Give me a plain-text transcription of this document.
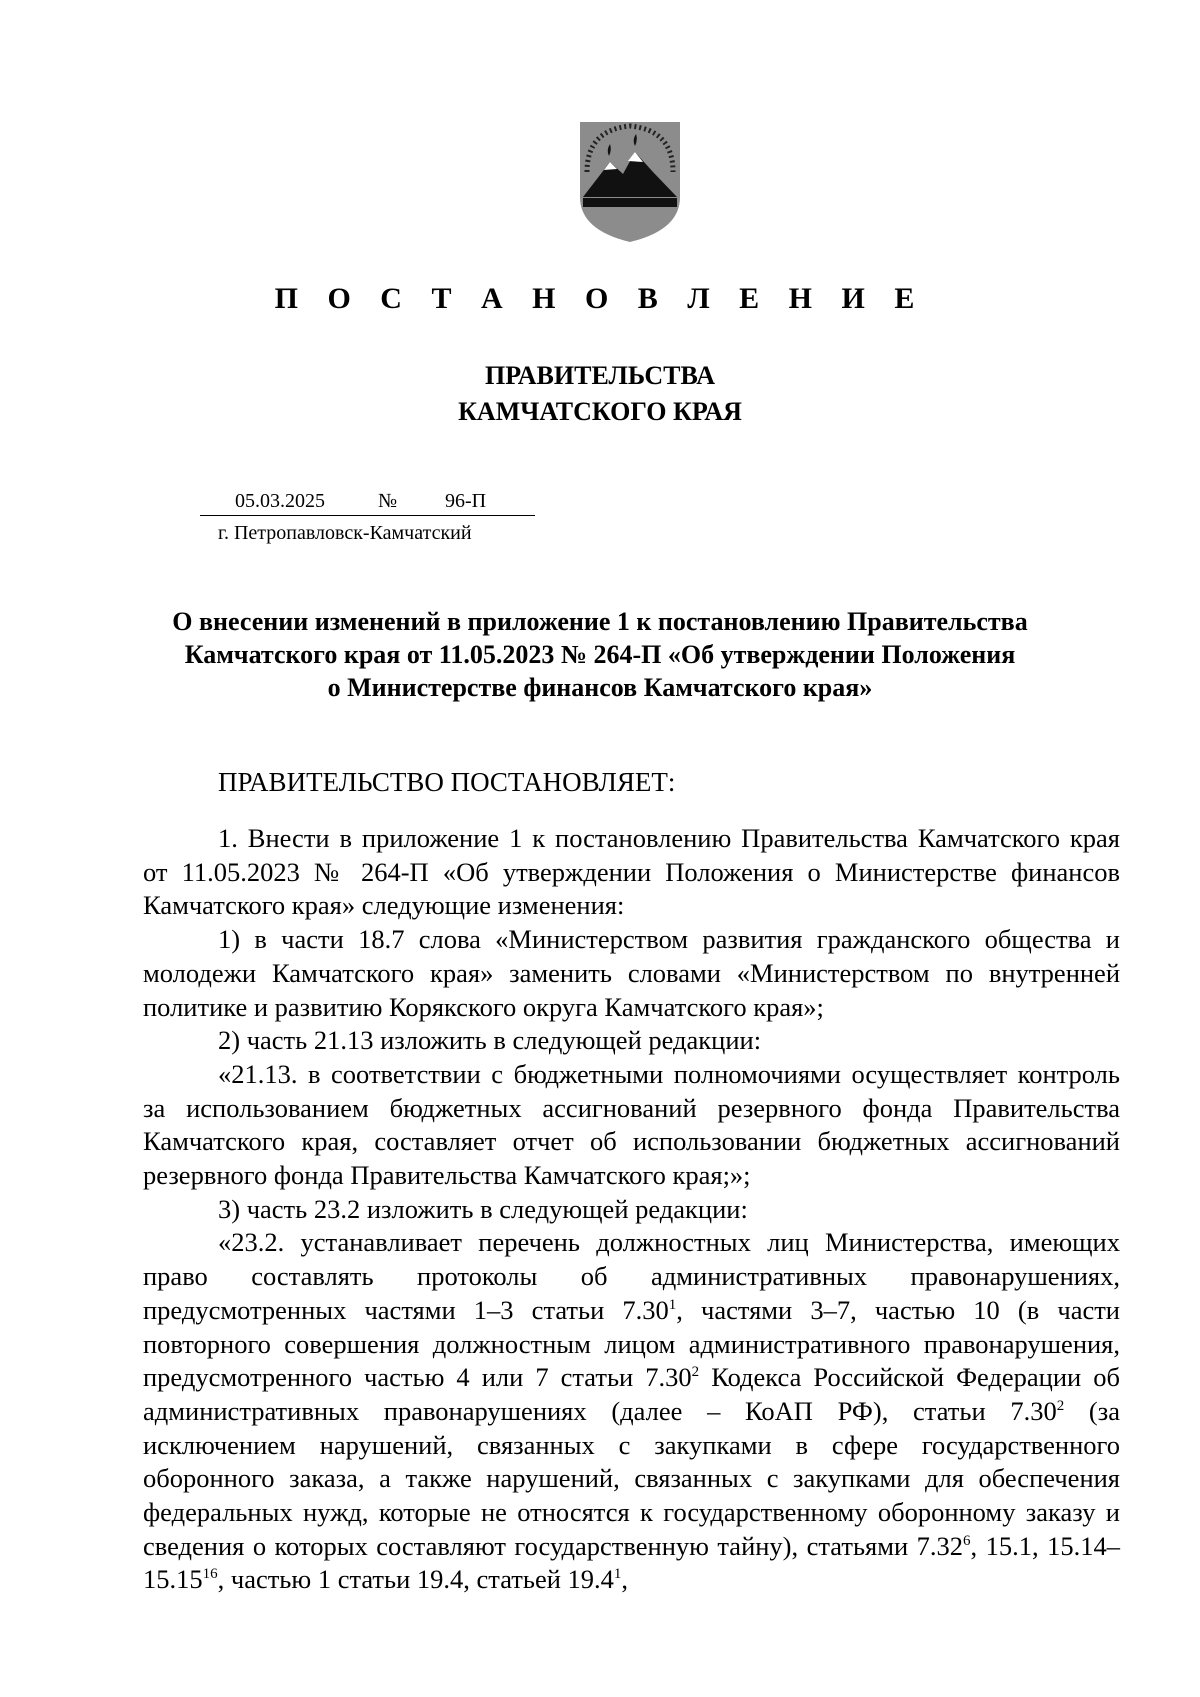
П О С Т А Н О В Л Е Н И Е
ПРАВИТЕЛЬСТВА
КАМЧАТСКОГО КРАЯ
05.03.2025	№ 96-П
г. Петропавловск-Камчатский
О внесении изменений в приложение 1 к постановлению Правительства
Камчатского края от 11.05.2023 № 264-П «Об утверждении Положения
о Министерстве финансов Камчатского края»
ПРАВИТЕЛЬСТВО ПОСТАНОВЛЯЕТ:

1. Внести в приложение 1 к постановлению Правительства Камчатского края от 11.05.2023 № 264-П «Об утверждении Положения о Министерстве финансов Камчатского края» следующие изменения:

1) в части 18.7 слова «Министерством развития гражданского общества и молодежи Камчатского края» заменить словами «Министерством по внутренней политике и развитию Корякского округа Камчатского края»;

2) часть 21.13 изложить в следующей редакции:

«21.13. в соответствии с бюджетными полномочиями осуществляет контроль за использованием бюджетных ассигнований резервного фонда Правительства Камчатского края, составляет отчет об использовании бюджетных ассигнований резервного фонда Правительства Камчатского края;»;

3) часть 23.2 изложить в следующей редакции:

«23.2. устанавливает перечень должностных лиц Министерства, имеющих право составлять протоколы об административных правонарушениях, предусмотренных частями 1–3 статьи 7.30$^1$, частями 3–7, частью 10 (в части повторного совершения должностным лицом административного правонарушения, предусмотренного частью 4 или 7 статьи 7.30$^2$ Кодекса Российской Федерации об административных правонарушениях (далее – КоАП РФ), статьи 7.30$^2$ (за исключением нарушений, связанных с закупками в сфере государственного оборонного заказа, а также нарушений, связанных с закупками для обеспечения федеральных нужд, которые не относятся к государственному оборонному заказу и сведения о которых составляют государственную тайну), статьями 7.32$^6$, 15.1, 15.14–15.15$^{16}$, частью 1 статьи 19.4, статьей 19.4$^1$,
